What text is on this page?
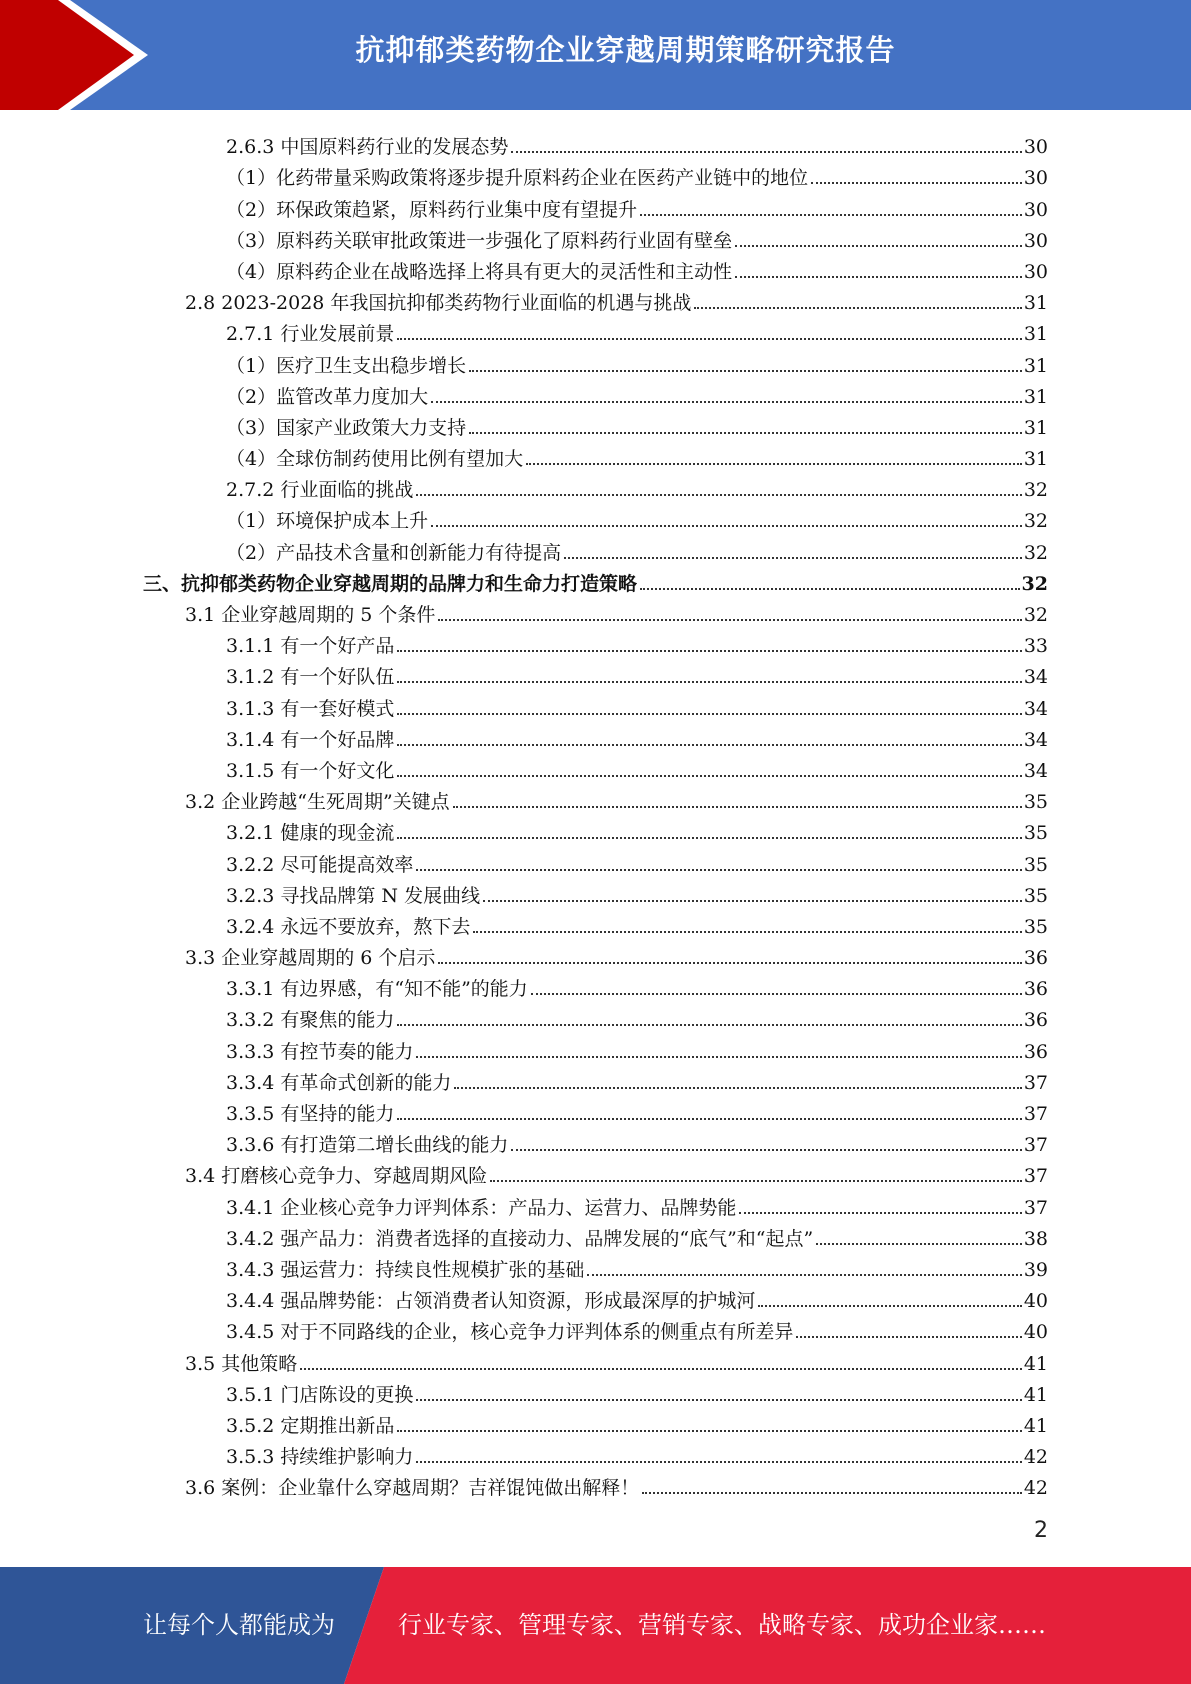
抗抑郁类药物企业穿越周期策略研究报告
2.6.3 中国原料药行业的发展态势	30
（1）化药带量采购政策将逐步提升原料药企业在医药产业链中的地位	30
（2）环保政策趋紧，原料药行业集中度有望提升	30
（3）原料药关联审批政策进一步强化了原料药行业固有壁垒	30
（4）原料药企业在战略选择上将具有更大的灵活性和主动性	30
2.8 2023-2028 年我国抗抑郁类药物行业面临的机遇与挑战	31
2.7.1 行业发展前景	31
（1）医疗卫生支出稳步增长	31
（2）监管改革力度加大	31
（3）国家产业政策大力支持	31
（4）全球仿制药使用比例有望加大	31
2.7.2 行业面临的挑战	32
（1）环境保护成本上升	32
（2）产品技术含量和创新能力有待提高	32
三、抗抑郁类药物企业穿越周期的品牌力和生命力打造策略	32
3.1 企业穿越周期的 5 个条件	32
3.1.1 有一个好产品	33
3.1.2 有一个好队伍	34
3.1.3 有一套好模式	34
3.1.4 有一个好品牌	34
3.1.5 有一个好文化	34
3.2 企业跨越“生死周期”关键点	35
3.2.1 健康的现金流	35
3.2.2 尽可能提高效率	35
3.2.3 寻找品牌第 N 发展曲线	35
3.2.4 永远不要放弃，熬下去	35
3.3 企业穿越周期的 6 个启示	36
3.3.1 有边界感，有“知不能”的能力	36
3.3.2 有聚焦的能力	36
3.3.3 有控节奏的能力	36
3.3.4 有革命式创新的能力	37
3.3.5 有坚持的能力	37
3.3.6 有打造第二增长曲线的能力	37
3.4 打磨核心竞争力、穿越周期风险	37
3.4.1 企业核心竞争力评判体系：产品力、运营力、品牌势能	37
3.4.2 强产品力：消费者选择的直接动力、品牌发展的“底气”和“起点”	38
3.4.3 强运营力：持续良性规模扩张的基础	39
3.4.4 强品牌势能：占领消费者认知资源，形成最深厚的护城河	40
3.4.5 对于不同路线的企业，核心竞争力评判体系的侧重点有所差异	40
3.5 其他策略	41
3.5.1 门店陈设的更换	41
3.5.2 定期推出新品	41
3.5.3 持续维护影响力	42
3.6 案例：企业靠什么穿越周期？吉祥馄饨做出解释！	42
2
让每个人都能成为	行业专家、管理专家、营销专家、战略专家、成功企业家……
